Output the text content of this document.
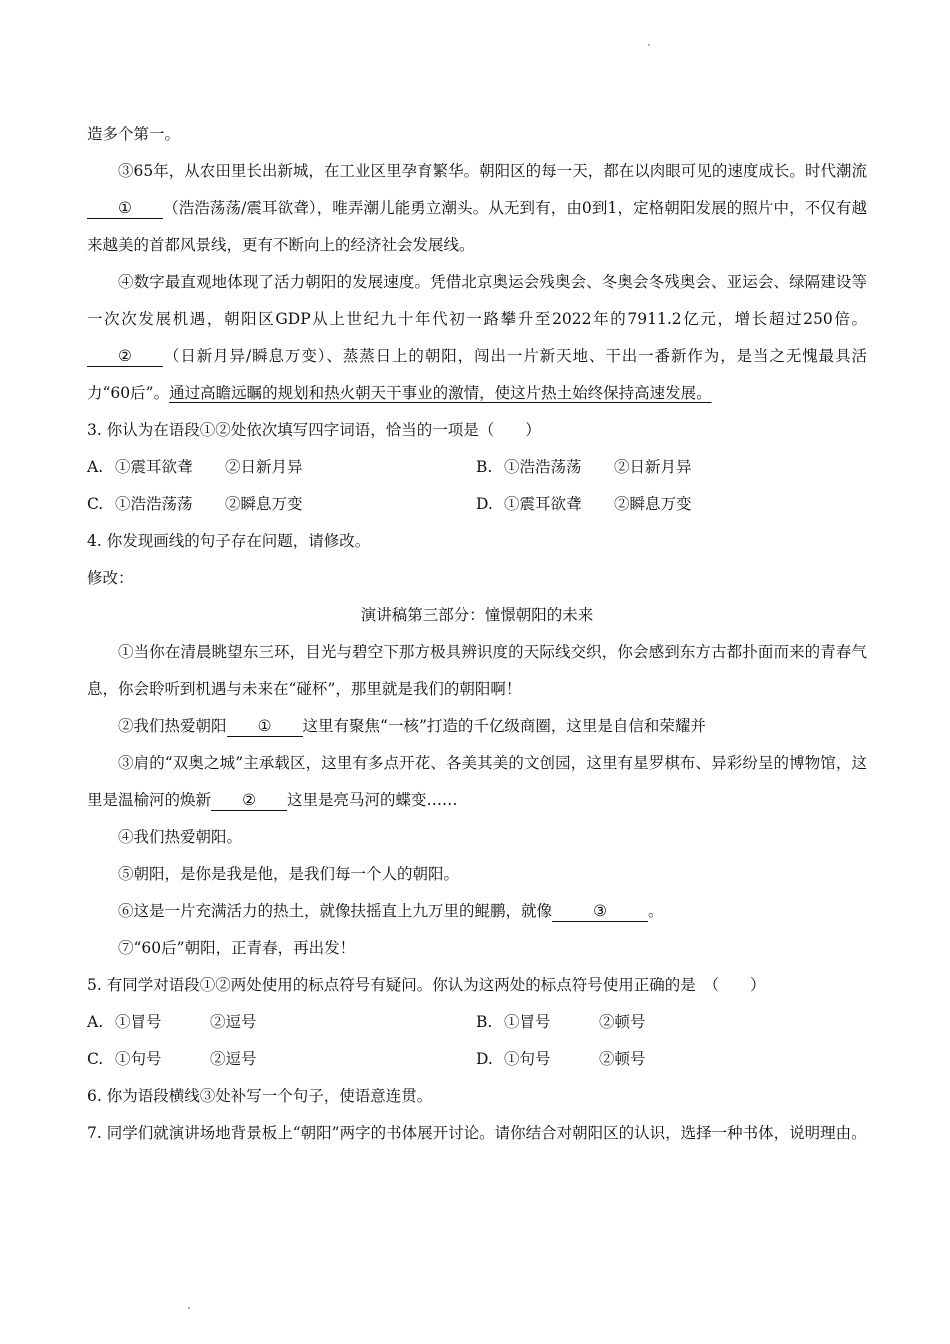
造多个第一。

③65年，从农田里长出新城，在工业区里孕育繁华。朝阳区的每一天，都在以肉眼可见的速度成长。时代潮流① （浩浩荡荡/震耳欲聋），唯弄潮儿能勇立潮头。从无到有，由0到1，定格朝阳发展的照片中，不仅有越来越美的首都风景线，更有不断向上的经济社会发展线。

④数字最直观地体现了活力朝阳的发展速度。凭借北京奥运会残奥会、冬奥会冬残奥会、亚运会、绿隔建设等一次次发展机遇，朝阳区GDP从上世纪九十年代初一路攀升至2022年的7911.2亿元，增长超过250倍。② （日新月异/瞬息万变）、蒸蒸日上的朝阳，闯出一片新天地、干出一番新作为，是当之无愧最具活力“60后”。通过高瞻远瞩的规划和热火朝天干事业的激情，使这片热土始终保持高速发展。

3. 你认为在语段①②处依次填写四字词语，恰当的一项是（　　）

A. ①震耳欲聋	②日新月异	B. ①浩浩荡荡	②日新月异
C. ①浩浩荡荡	②瞬息万变	D. ①震耳欲聋	②瞬息万变

4. 你发现画线的句子存在问题，请修改。

修改：

演讲稿第三部分：憧憬朝阳的未来

①当你在清晨眺望东三环，目光与碧空下那方极具辨识度的天际线交织，你会感到东方古都扑面而来的青春气息，你会聆听到机遇与未来在“碰杯”，那里就是我们的朝阳啊！

②我们热爱朝阳 ① 这里有聚焦“一核”打造的千亿级商圈，这里是自信和荣耀并

③肩的“双奥之城”主承载区，这里有多点开花、各美其美的文创园，这里有星罗棋布、异彩纷呈的博物馆，这里是温榆河的焕新 ② 这里是亮马河的蝶变……

④我们热爱朝阳。

⑤朝阳，是你是我是他，是我们每一个人的朝阳。

⑥这是一片充满活力的热土，就像扶摇直上九万里的鲲鹏，就像	③	。

⑦“60后”朝阳，正青春，再出发！

5. 有同学对语段①②两处使用的标点符号有疑问。你认为这两处的标点符号使用正确的是　（　　）

A. ①冒号	②逗号	B. ①冒号	②顿号
C. ①句号	②逗号	D. ①句号	②顿号

6. 你为语段横线③处补写一个句子，使语意连贯。

7. 同学们就演讲场地背景板上“朝阳”两字的书体展开讨论。请你结合对朝阳区的认识，选择一种书体，说明理由。
